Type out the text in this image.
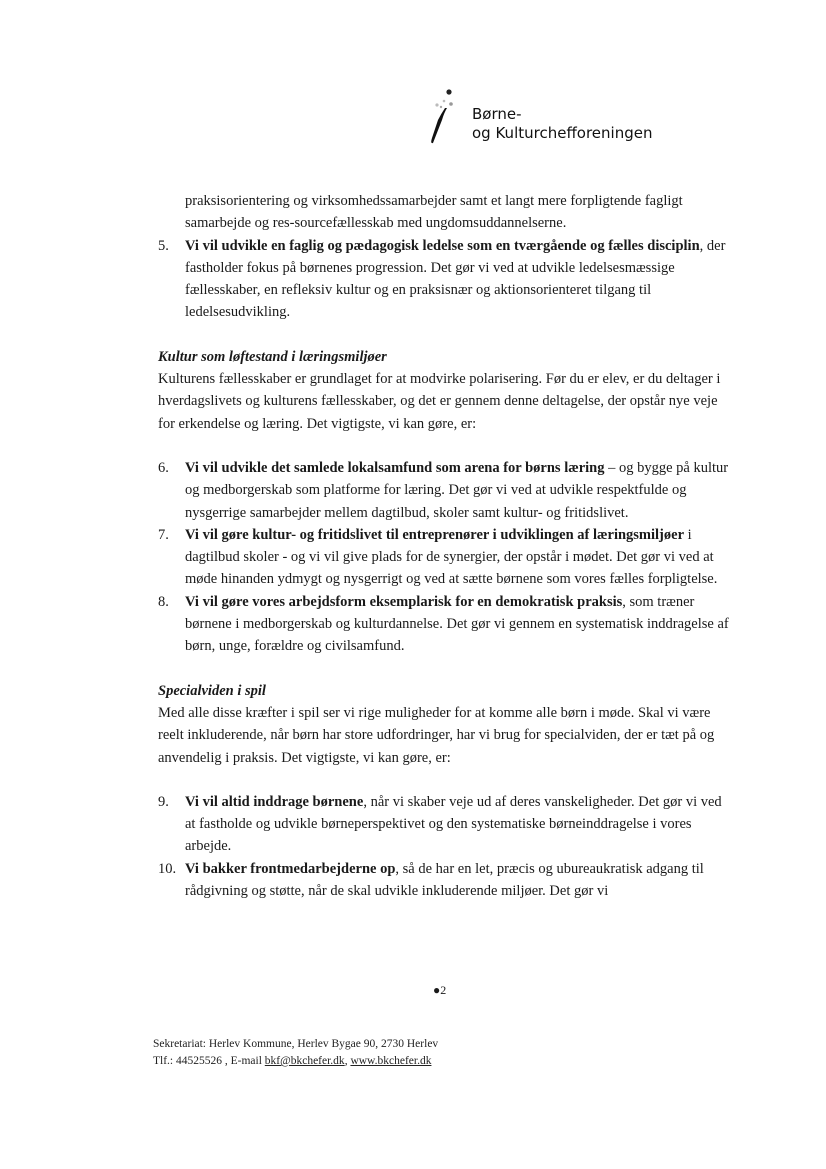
Børne-
og Kulturchefforeningen

praksisorientering og virksomhedssamarbejder samt et langt mere forpligtende fagligt samarbejde og res-sourcefællesskab med ungdomsuddannelserne.

5. Vi vil udvikle en faglig og pædagogisk ledelse som en tværgående og fælles disciplin, der fastholder fokus på børnenes progression. Det gør vi ved at udvikle ledelsesmæssige fællesskaber, en refleksiv kultur og en praksisnær og aktionsorienteret tilgang til ledelsesudvikling.

Kultur som løftestand i læringsmiljøer

Kulturens fællesskaber er grundlaget for at modvirke polarisering. Før du er elev, er du deltager i hverdagslivets og kulturens fællesskaber, og det er gennem denne deltagelse, der opstår nye veje for erkendelse og læring. Det vigtigste, vi kan gøre, er:

6. Vi vil udvikle det samlede lokalsamfund som arena for børns læring – og bygge på kultur og medborgerskab som platforme for læring. Det gør vi ved at udvikle respektfulde og nysgerrige samarbejder mellem dagtilbud, skoler samt kultur- og fritidslivet.

7. Vi vil gøre kultur- og fritidslivet til entreprenører i udviklingen af læringsmiljøer i dagtilbud skoler - og vi vil give plads for de synergier, der opstår i mødet. Det gør vi ved at møde hinanden ydmygt og nysgerrigt og ved at sætte børnene som vores fælles forpligtelse.

8. Vi vil gøre vores arbejdsform eksemplarisk for en demokratisk praksis, som træner børnene i medborgerskab og kulturdannelse. Det gør vi gennem en systematisk inddragelse af børn, unge, forældre og civilsamfund.

Specialviden i spil

Med alle disse kræfter i spil ser vi rige muligheder for at komme alle børn i møde. Skal vi være reelt inkluderende, når børn har store udfordringer, har vi brug for specialviden, der er tæt på og anvendelig i praksis. Det vigtigste, vi kan gøre, er:

9. Vi vil altid inddrage børnene, når vi skaber veje ud af deres vanskeligheder. Det gør vi ved at fastholde og udvikle børneperspektivet og den systematiske børneinddragelse i vores arbejde.

10. Vi bakker frontmedarbejderne op, så de har en let, præcis og ubureaukratisk adgang til rådgivning og støtte, når de skal udvikle inkluderende miljøer. Det gør vi

●2
Sekretariat: Herlev Kommune, Herlev Bygae 90, 2730 Herlev
Tlf.: 44525526 , E-mail bkf@bkchefer.dk, www.bkchefer.dk
